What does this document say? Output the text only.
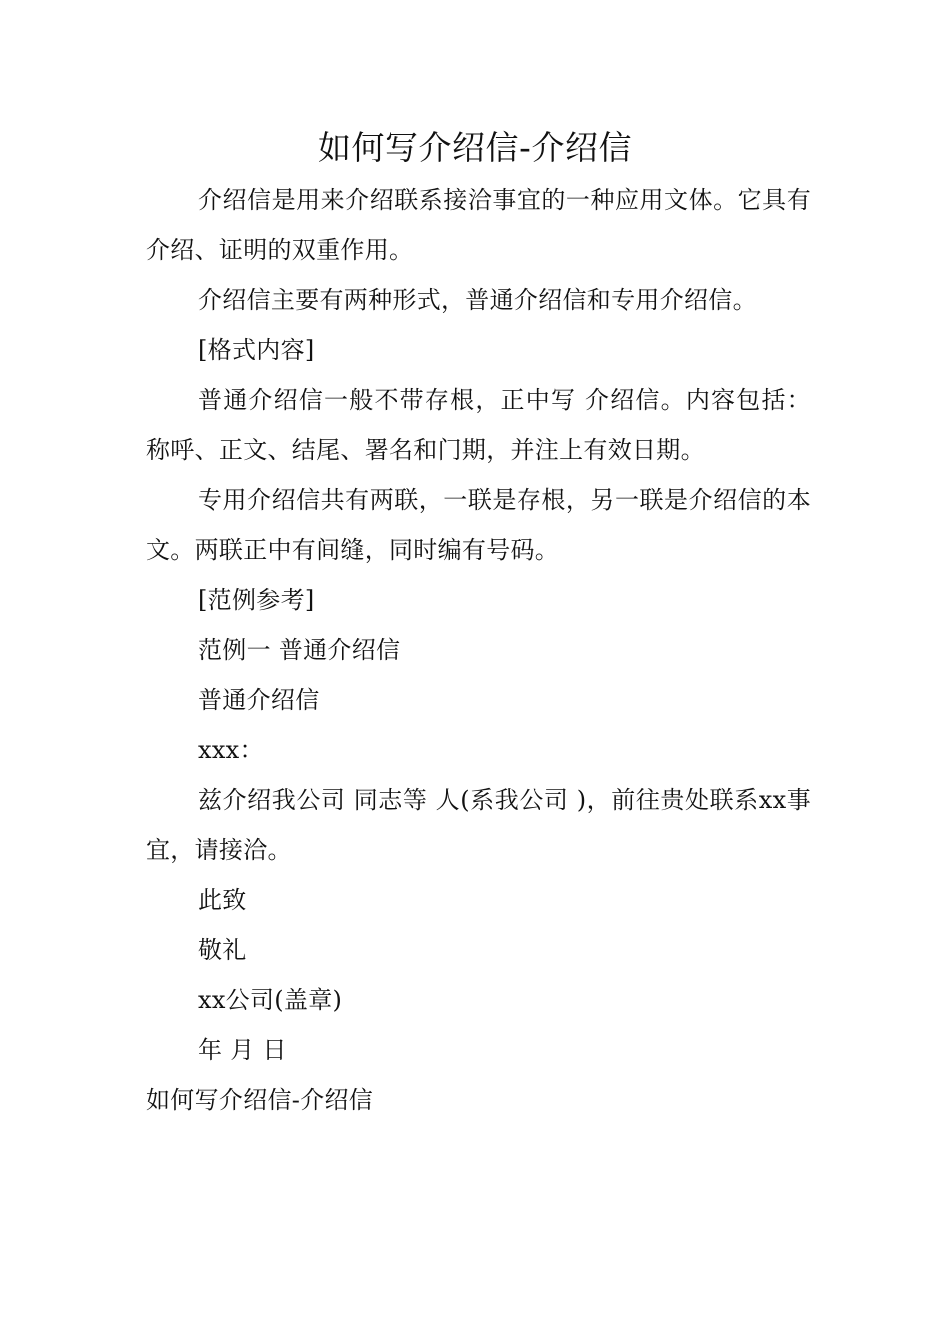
如何写介绍信-介绍信

介绍信是用来介绍联系接洽事宜的一种应用文体。它具有介绍、证明的双重作用。

介绍信主要有两种形式，普通介绍信和专用介绍信。

[格式内容]

普通介绍信一般不带存根，正中写 介绍信。内容包括：称呼、正文、结尾、署名和门期，并注上有效日期。

专用介绍信共有两联，一联是存根，另一联是介绍信的本文。两联正中有间缝，同时编有号码。

[范例参考]

范例一 普通介绍信

普通介绍信

xxx：

兹介绍我公司 同志等 人(系我公司 )，前往贵处联系xx事宜，请接洽。

此致

敬礼

xx公司(盖章)

年 月 日

如何写介绍信-介绍信
